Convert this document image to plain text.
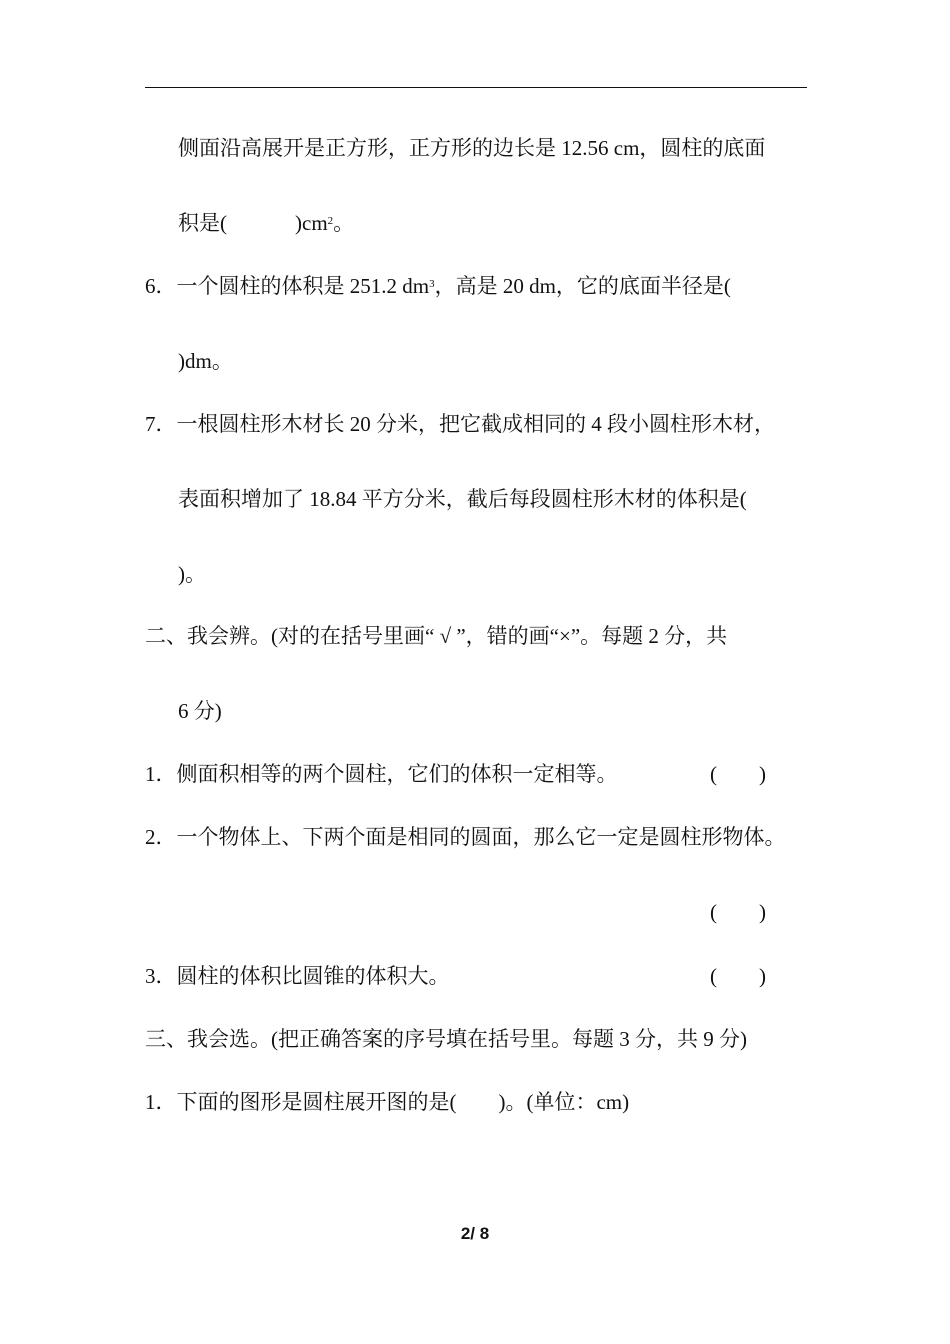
侧面沿高展开是正方形，正方形的边长是 12.56 cm，圆柱的底面
积是(	)$cm^2$。
6．一个圆柱的体积是 251.2 $dm^3$，高是 20 dm，它的底面半径是(
)dm。
7．一根圆柱形木材长 20 分米，把它截成相同的 4 段小圆柱形木材，
表面积增加了 18.84 平方分米，截后每段圆柱形木材的体积是(
)。
二、我会辨。(对的在括号里画“ √ ”，错的画“×”。每题 2 分，共
6 分)
1．侧面积相等的两个圆柱，它们的体积一定相等。	(　　)
2．一个物体上、下两个面是相同的圆面，那么它一定是圆柱形物体。
(　　)
3．圆柱的体积比圆锥的体积大。	(　　)
三、我会选。(把正确答案的序号填在括号里。每题 3 分，共 9 分)
1．下面的图形是圆柱展开图的是(　　)。(单位：cm)
2/ 8
